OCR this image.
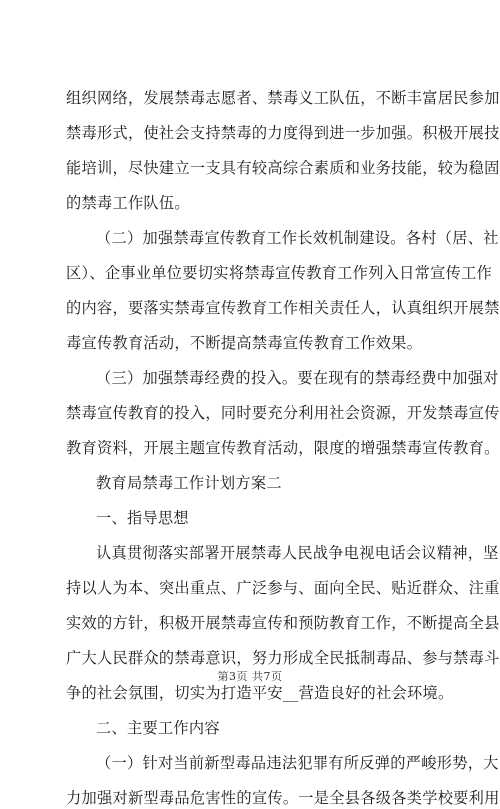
组织网络，发展禁毒志愿者、禁毒义工队伍，不断丰富居民参加
禁毒形式，使社会支持禁毒的力度得到进一步加强。积极开展技
能培训，尽快建立一支具有较高综合素质和业务技能，较为稳固
的禁毒工作队伍。
（二）加强禁毒宣传教育工作长效机制建设。各村（居、社
区）、企事业单位要切实将禁毒宣传教育工作列入日常宣传工作
的内容，要落实禁毒宣传教育工作相关责任人，认真组织开展禁
毒宣传教育活动，不断提高禁毒宣传教育工作效果。
（三）加强禁毒经费的投入。要在现有的禁毒经费中加强对
禁毒宣传教育的投入，同时要充分利用社会资源，开发禁毒宣传
教育资料，开展主题宣传教育活动，限度的增强禁毒宣传教育。
教育局禁毒工作计划方案二
一、指导思想
认真贯彻落实部署开展禁毒人民战争电视电话会议精神，坚
持以人为本、突出重点、广泛参与、面向全民、贴近群众、注重
实效的方针，积极开展禁毒宣传和预防教育工作，不断提高全县
广大人民群众的禁毒意识，努力形成全民抵制毒品、参与禁毒斗
争的社会氛围，切实为打造平安__营造良好的社会环境。
二、主要工作内容
（一）针对当前新型毒品违法犯罪有所反弹的严峻形势，大
力加强对新型毒品危害性的宣传。一是全县各级各类学校要利用
第3页 共7页
